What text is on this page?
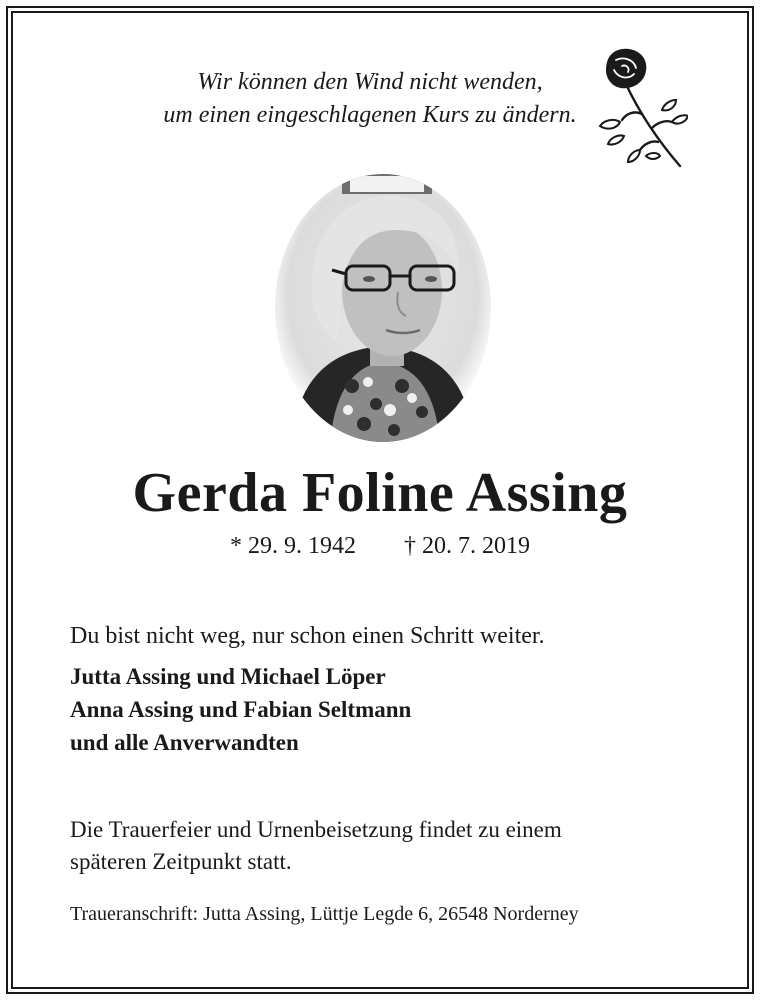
Wir können den Wind nicht wenden,
um einen eingeschlagenen Kurs zu ändern.
Gerda Foline Assing
* 29. 9. 1942 † 20. 7. 2019
Du bist nicht weg, nur schon einen Schritt weiter.
Jutta Assing und Michael Löper
Anna Assing und Fabian Seltmann
und alle Anverwandten
Die Trauerfeier und Urnenbeisetzung findet zu einem
späteren Zeitpunkt statt.
Traueranschrift: Jutta Assing, Lüttje Legde 6, 26548 Norderney
